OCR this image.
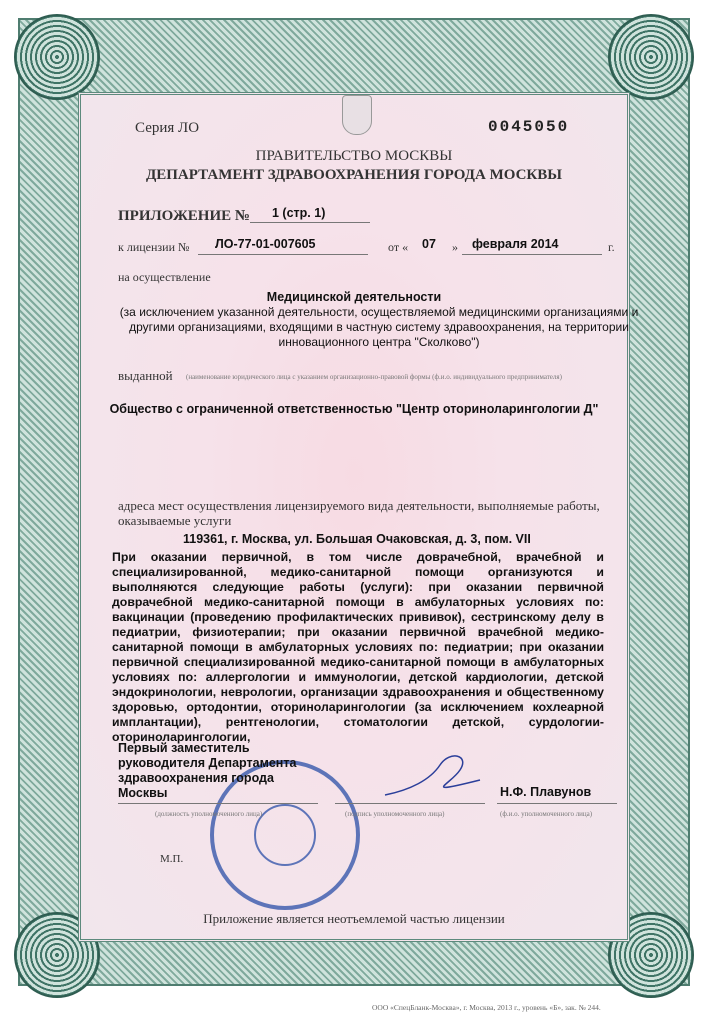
Серия ЛО	0045050
ПРАВИТЕЛЬСТВО МОСКВЫ
ДЕПАРТАМЕНТ ЗДРАВООХРАНЕНИЯ ГОРОДА МОСКВЫ
ПРИЛОЖЕНИЕ № 1 (стр. 1)
к лицензии № ЛО-77-01-007605	от « 07 » февраля 2014	г.
на осуществление
Медицинской деятельности
(за исключением указанной деятельности, осуществляемой медицинскими организациями и другими организациями, входящими в частную систему здравоохранения, на территории инновационного центра "Сколково")
выданной (наименование юридического лица с указанием организационно-правовой формы (ф.и.о. индивидуального предпринимателя)
Общество с ограниченной ответственностью "Центр оториноларингологии Д"
адреса мест осуществления лицензируемого вида деятельности, выполняемые работы, оказываемые услуги
119361, г. Москва, ул. Большая Очаковская, д. 3, пом. VII
При оказании первичной, в том числе доврачебной, врачебной и специализированной, медико-санитарной помощи организуются и выполняются следующие работы (услуги): при оказании первичной доврачебной медико-санитарной помощи в амбулаторных условиях по: вакцинации (проведению профилактических прививок), сестринскому делу в педиатрии, физиотерапии; при оказании первичной врачебной медико-санитарной помощи в амбулаторных условиях по: педиатрии; при оказании первичной специализированной медико-санитарной помощи в амбулаторных условиях по: аллергологии и иммунологии, детской кардиологии, детской эндокринологии, неврологии, организации здравоохранения и общественному здоровью, ортодонтии, оториноларингологии (за исключением кохлеарной имплантации), рентгенологии, стоматологии детской, сурдологии-оториноларингологии,
Первый заместитель руководителя Департамента здравоохранения города Москвы	Н.Ф. Плавунов
(должность уполномоченного лица)	(подпись уполномоченного лица)	(ф.и.о. уполномоченного лица)
М.П.
Приложение является неотъемлемой частью лицензии
ООО «СпецБланк-Москва», г. Москва, 2013 г., уровень «Б», зак. № 244.
